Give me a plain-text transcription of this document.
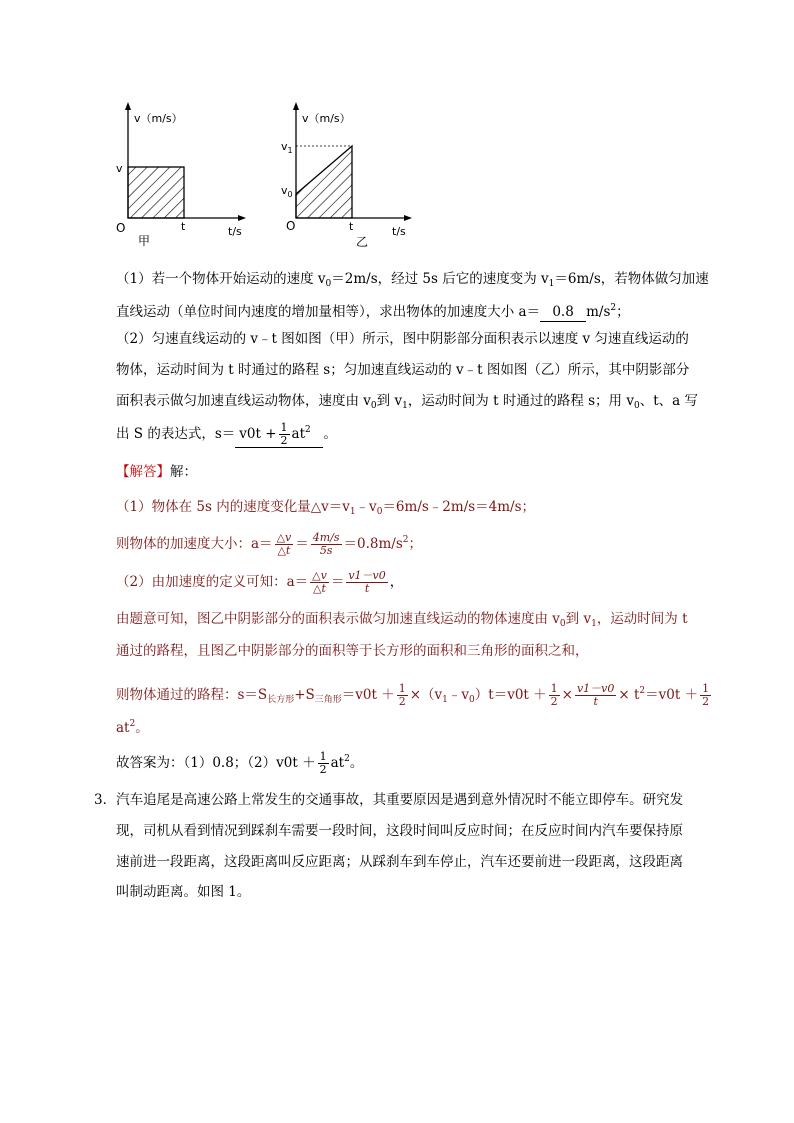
v（m/s）
t/s
O
v
t
甲
v（m/s）
t/s
O
$v_1$
$v_0$
t
乙
（1）若一个物体开始运动的速度 $v_0=2m/s$，经过 5s 后它的速度变为 $v_1=6m/s$，若物体做匀加速
直线运动（单位时间内速度的增加量相等），求出物体的加速度大小 a＝ 0.8 $m/s^2$；
（2）匀速直线运动的 v﹣t 图如图（甲）所示，图中阴影部分面积表示以速度 v 匀速直线运动的
物体，运动时间为 t 时通过的路程 s；匀加速直线运动的 v﹣t 图如图（乙）所示，其中阴影部分
面积表示做匀加速直线运动物体，速度由 $v_0$到 $v_1$，运动时间为 t 时通过的路程 s；用 $v_0$、t、a 写
出 S 的表达式，$s= v0t + \frac{1}{2} at^2$ 。
【解答】解：
（1）物体在 5s 内的速度变化量$\triangle v=v_1﹣v_0=6m/s﹣2m/s=4m/s$；
则物体的加速度大小：$a= \frac{\triangle v}{\triangle t} = \frac{4m/s}{5s} =0.8m/s^2$；
（2）由加速度的定义可知：$a= \frac{\triangle v}{\triangle t} = \frac{v1-v0}{t}$ ，
由题意可知，图乙中阴影部分的面积表示做匀加速直线运动的物体速度由 $v_0$到 $v_1$，运动时间为 t
通过的路程，且图乙中阴影部分的面积等于长方形的面积和三角形的面积之和，
则物体通过的路程：$s=S_{长方形}+S_{三角形}=v0t + \frac{1}{2}$ $\times(v_1﹣v_0)t=v0t + \frac{1}{2} \times \frac{v1-v0}{t} \times t^2=v0t + \frac{1}{2}$
$at^2$。
故答案为：（1）0.8；$(2)v0t + \frac{1}{2} at^2$。
3．汽车追尾是高速公路上常发生的交通事故，其重要原因是遇到意外情况时不能立即停车。研究发
现，司机从看到情况到踩刹车需要一段时间，这段时间叫反应时间；在反应时间内汽车要保持原
速前进一段距离，这段距离叫反应距离；从踩刹车到车停止，汽车还要前进一段距离，这段距离
叫制动距离。如图 1。
